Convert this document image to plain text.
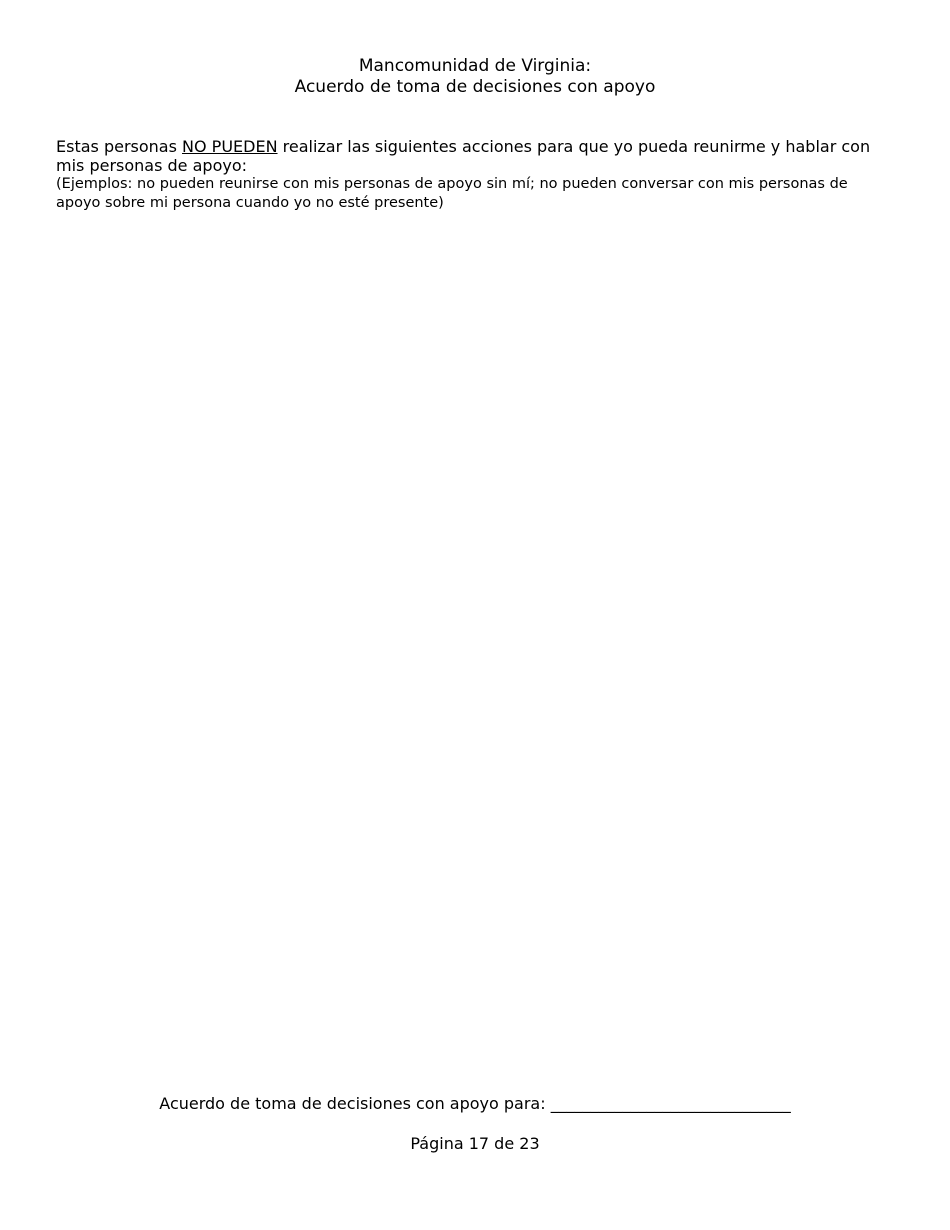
Mancomunidad de Virginia:
Acuerdo de toma de decisiones con apoyo

Estas personas NO PUEDEN realizar las siguientes acciones para que yo pueda reunirme y hablar con mis personas de apoyo:

(Ejemplos: no pueden reunirse con mis personas de apoyo sin mí; no pueden conversar con mis personas de apoyo sobre mi persona cuando yo no esté presente)

Acuerdo de toma de decisiones con apoyo para: ______________________________
Página 17 de 23
